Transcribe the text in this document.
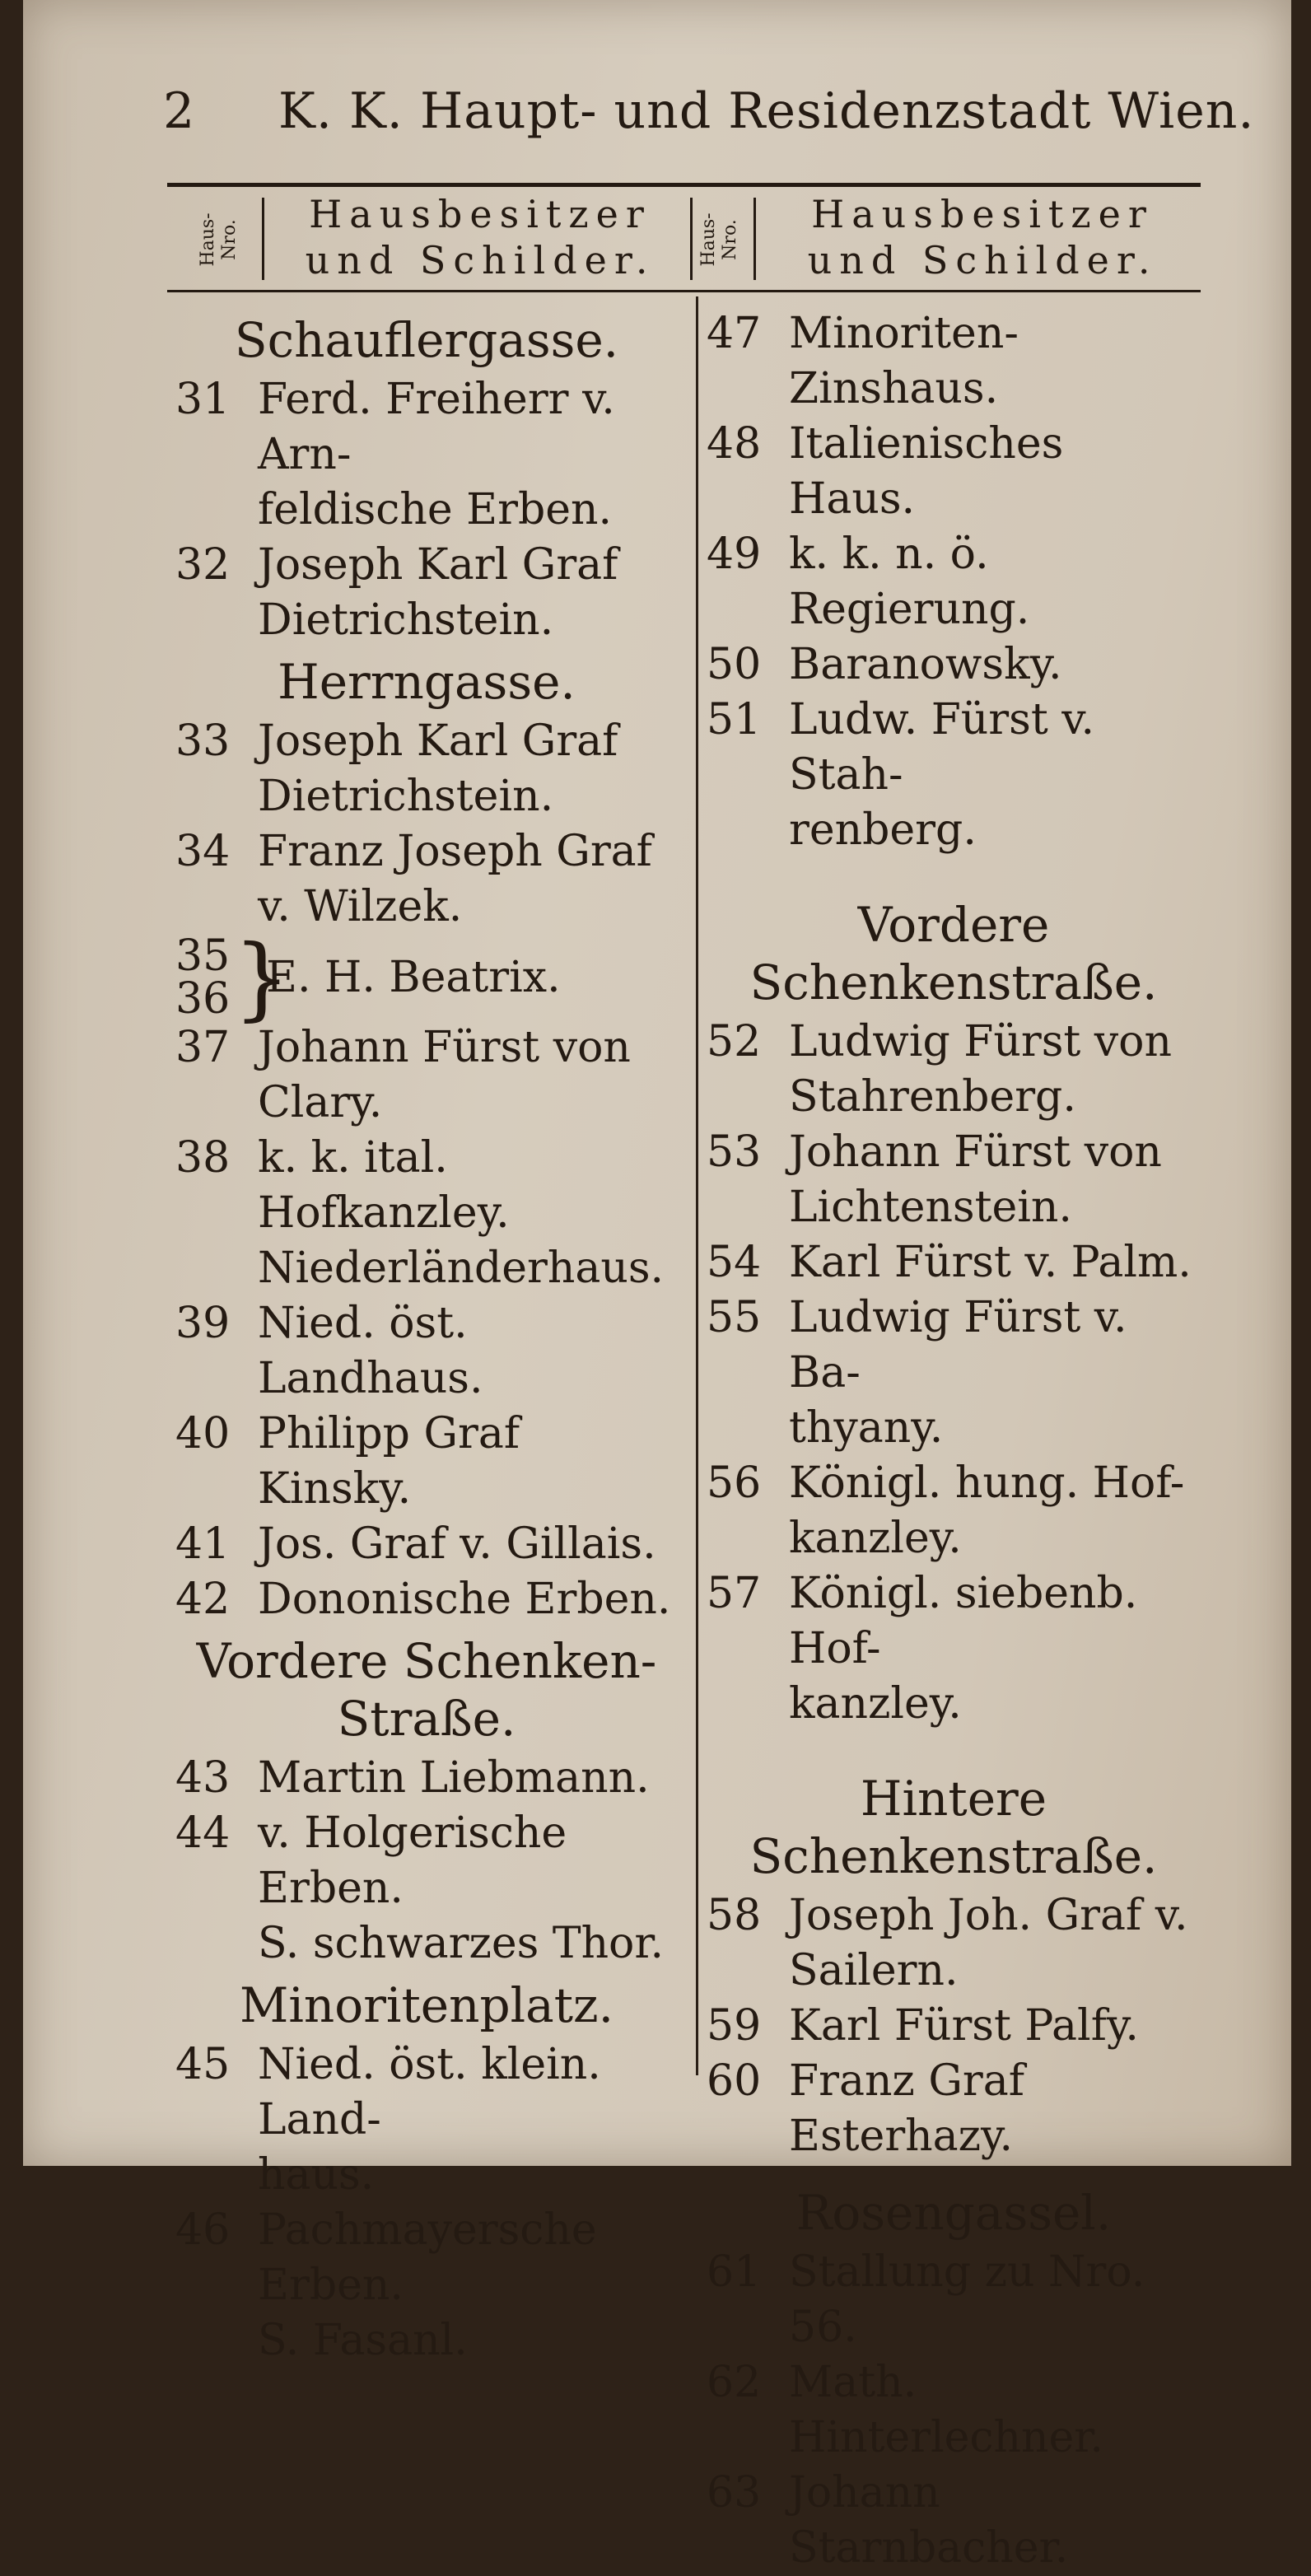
2 K. K. Haupt- und Residenzstadt Wien.
Haus- Nro.
Hausbesitzer
und Schilder.	Haus- Nro.
Hausbesitzer
und Schilder.
Schauflergasse.
31 Ferd. Freiherr v. Arn-
feldische Erben.
32 Joseph Karl Graf
Dietrichstein.
Herrngasse.
33 Joseph Karl Graf
Dietrichstein.
34 Franz Joseph Graf
v. Wilzek.
35
36 }
E. H. Beatrix.
37 Johann Fürst von
Clary.
38 k. k. ital. Hofkanzley.
Niederländerhaus.
39 Nied. öst. Landhaus.
40 Philipp Graf Kinsky.
41 Jos. Graf v. Gillais.
42 Dononische Erben.
Vordere Schenken-
Straße.
43 Martin Liebmann.
44 v. Holgerische Erben.
S. schwarzes Thor.
Minoritenplatz.
45 Nied. öst. klein. Land-
haus.
46 Pachmayersche Erben.
S. Fasanl.
47 Minoriten-Zinshaus.
48 Italienisches Haus.
49 k. k. n. ö. Regierung.
50 Baranowsky.
51 Ludw. Fürst v. Stah-
renberg.
Vordere
Schenkenstraße.
52 Ludwig Fürst von
Stahrenberg.
53 Johann Fürst von
Lichtenstein.
54 Karl Fürst v. Palm.
55 Ludwig Fürst v. Ba-
thyany.
56 Königl. hung. Hof-
kanzley.
57 Königl. siebenb. Hof-
kanzley.
Hintere
Schenkenstraße.
58 Joseph Joh. Graf v.
Sailern.
59 Karl Fürst Palfy.
60 Franz Graf Esterhazy.
Rosengassel.
61 Stallung zu Nro. 56.
62 Math. Hinterlechner.
63 Johann Starnbacher.
